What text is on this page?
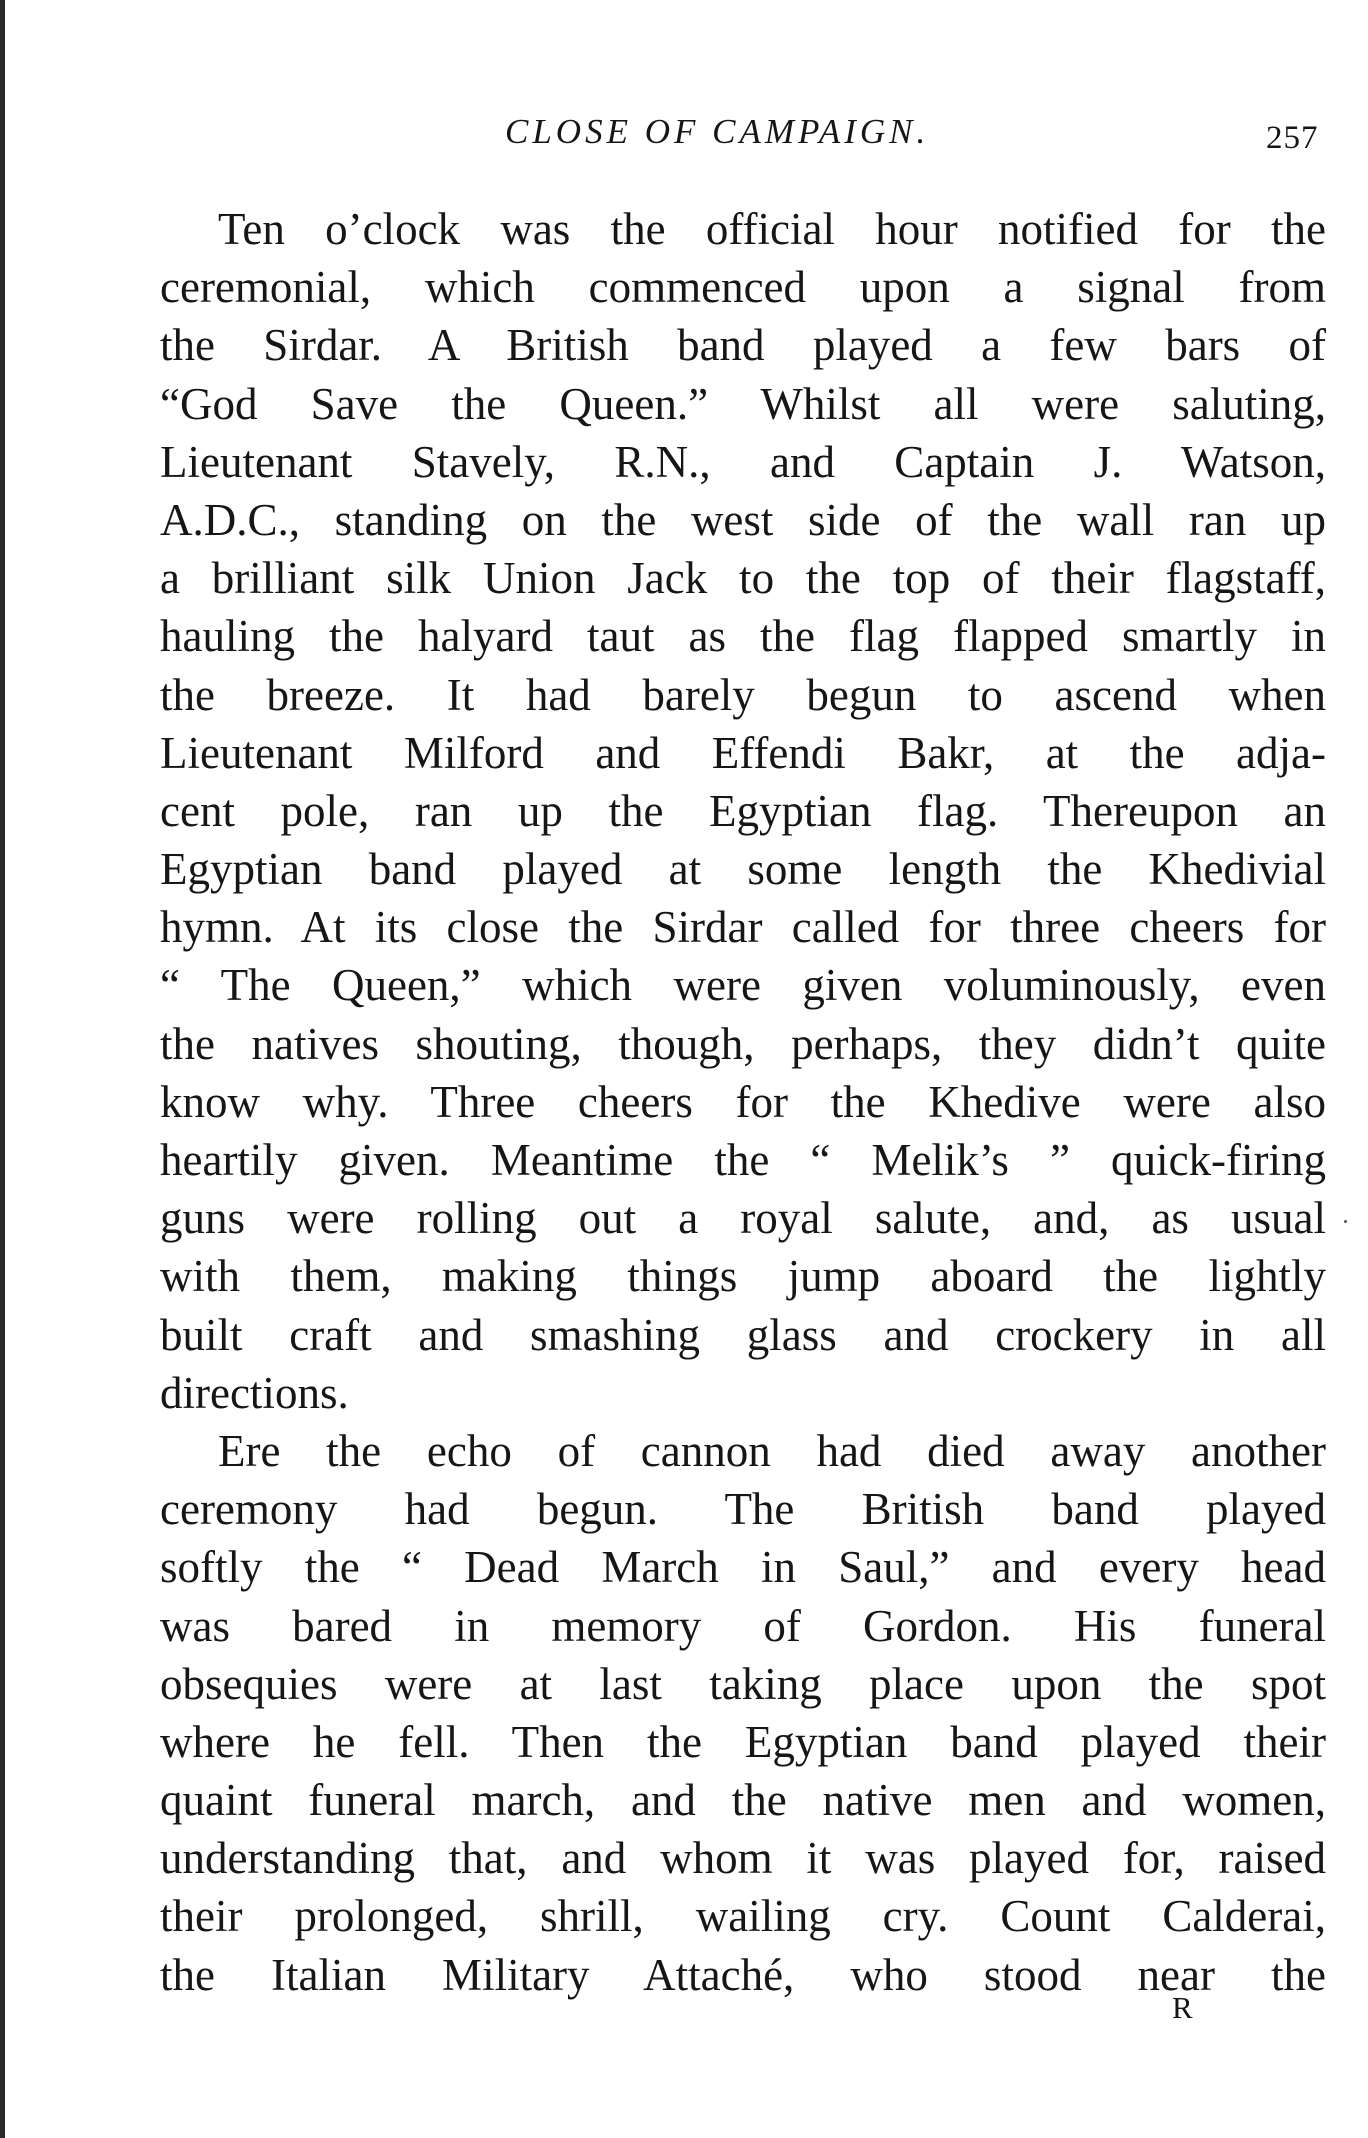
CLOSE OF CAMPAIGN.	257
Ten o’clock was the official hour notified for the
ceremonial, which commenced upon a signal from
the Sirdar. A British band played a few bars of
“God Save the Queen.” Whilst all were saluting,
Lieutenant Stavely, R.N., and Captain J. Watson,
A.D.C., standing on the west side of the wall ran up
a brilliant silk Union Jack to the top of their flagstaff,
hauling the halyard taut as the flag flapped smartly in
the breeze. It had barely begun to ascend when
Lieutenant Milford and Effendi Bakr, at the adja-
cent pole, ran up the Egyptian flag. Thereupon an
Egyptian band played at some length the Khedivial
hymn. At its close the Sirdar called for three cheers for
“ The Queen,” which were given voluminously, even
the natives shouting, though, perhaps, they didn’t quite
know why. Three cheers for the Khedive were also
heartily given. Meantime the “ Melik’s ” quick-firing
guns were rolling out a royal salute, and, as usual
with them, making things jump aboard the lightly
built craft and smashing glass and crockery in all
directions.
Ere the echo of cannon had died away another
ceremony had begun. The British band played
softly the “ Dead March in Saul,” and every head
was bared in memory of Gordon. His funeral
obsequies were at last taking place upon the spot
where he fell. Then the Egyptian band played their
quaint funeral march, and the native men and women,
understanding that, and whom it was played for, raised
their prolonged, shrill, wailing cry. Count Calderai,
the Italian Military Attaché, who stood near the
R
